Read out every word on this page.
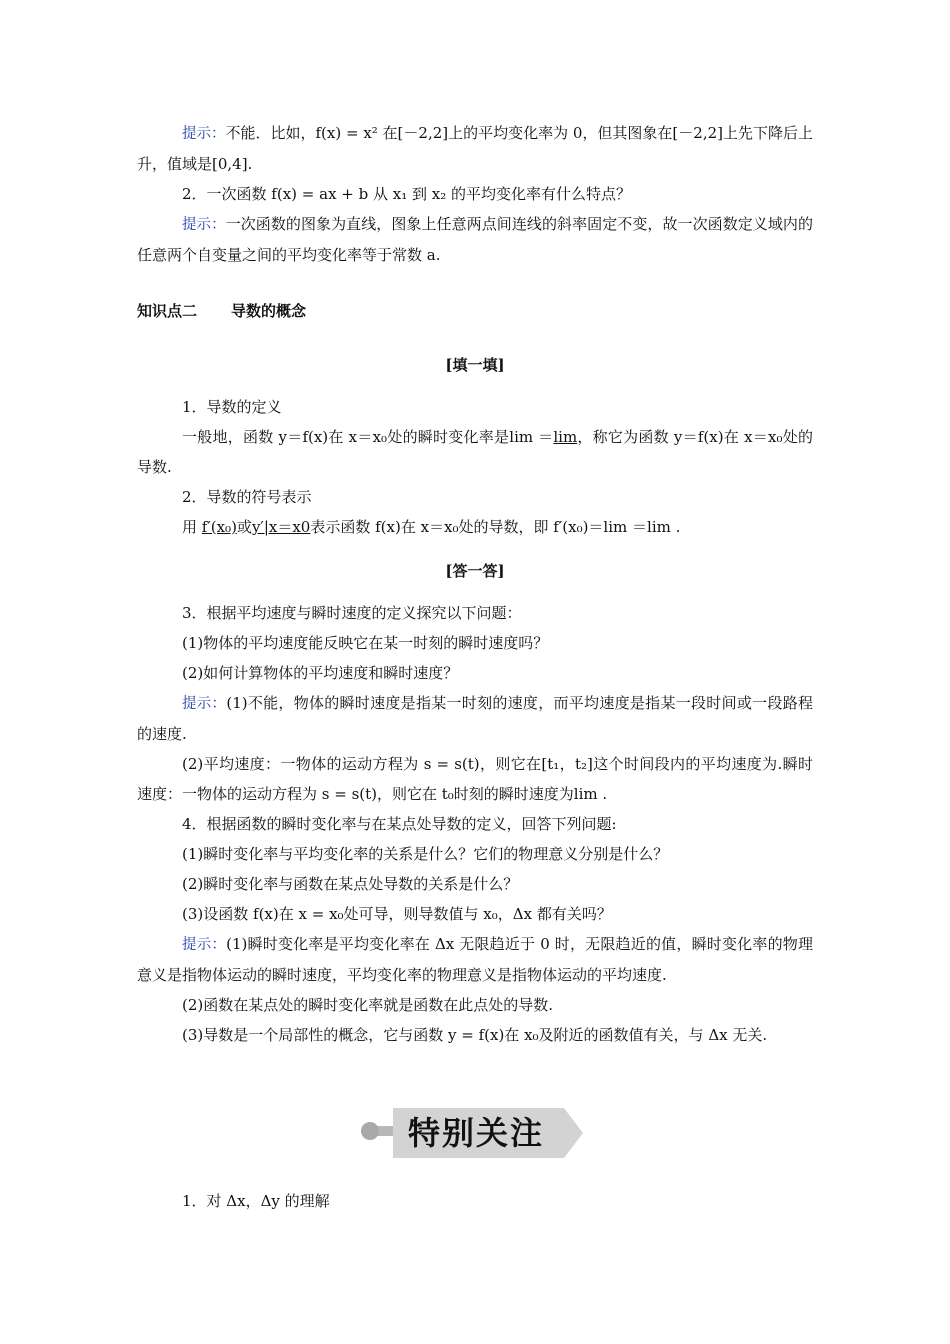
提示：不能．比如，f(x) = x² 在[－2,2]上的平均变化率为 0，但其图象在[－2,2]上先下降后上升，值域是[0,4].

2．一次函数 f(x) = ax + b 从 x₁ 到 x₂ 的平均变化率有什么特点？

提示：一次函数的图象为直线，图象上任意两点间连线的斜率固定不变，故一次函数定义域内的任意两个自变量之间的平均变化率等于常数 a.

知识点二 导数的概念

[填一填]

1．导数的定义

一般地，函数 y＝f(x)在 x＝x₀处的瞬时变化率是lim ＝lim，称它为函数 y＝f(x)在 x＝x₀处的导数.

2．导数的符号表示

用 f′(x₀)或y′|x＝x0表示函数 f(x)在 x＝x₀处的导数，即 f′(x₀)＝lim ＝lim .

[答一答]

3．根据平均速度与瞬时速度的定义探究以下问题：

(1)物体的平均速度能反映它在某一时刻的瞬时速度吗？

(2)如何计算物体的平均速度和瞬时速度？

提示：(1)不能，物体的瞬时速度是指某一时刻的速度，而平均速度是指某一段时间或一段路程的速度.

(2)平均速度：一物体的运动方程为 s = s(t)，则它在[t₁，t₂]这个时间段内的平均速度为.瞬时速度：一物体的运动方程为 s = s(t)，则它在 t₀时刻的瞬时速度为lim .

4．根据函数的瞬时变化率与在某点处导数的定义，回答下列问题:

(1)瞬时变化率与平均变化率的关系是什么？它们的物理意义分别是什么？

(2)瞬时变化率与函数在某点处导数的关系是什么？

(3)设函数 f(x)在 x = x₀处可导，则导数值与 x₀，Δx 都有关吗？

提示：(1)瞬时变化率是平均变化率在 Δx 无限趋近于 0 时，无限趋近的值，瞬时变化率的物理意义是指物体运动的瞬时速度，平均变化率的物理意义是指物体运动的平均速度.

(2)函数在某点处的瞬时变化率就是函数在此点处的导数.

(3)导数是一个局部性的概念，它与函数 y = f(x)在 x₀及附近的函数值有关，与 Δx 无关.

特别关注

1．对 Δx，Δy 的理解
